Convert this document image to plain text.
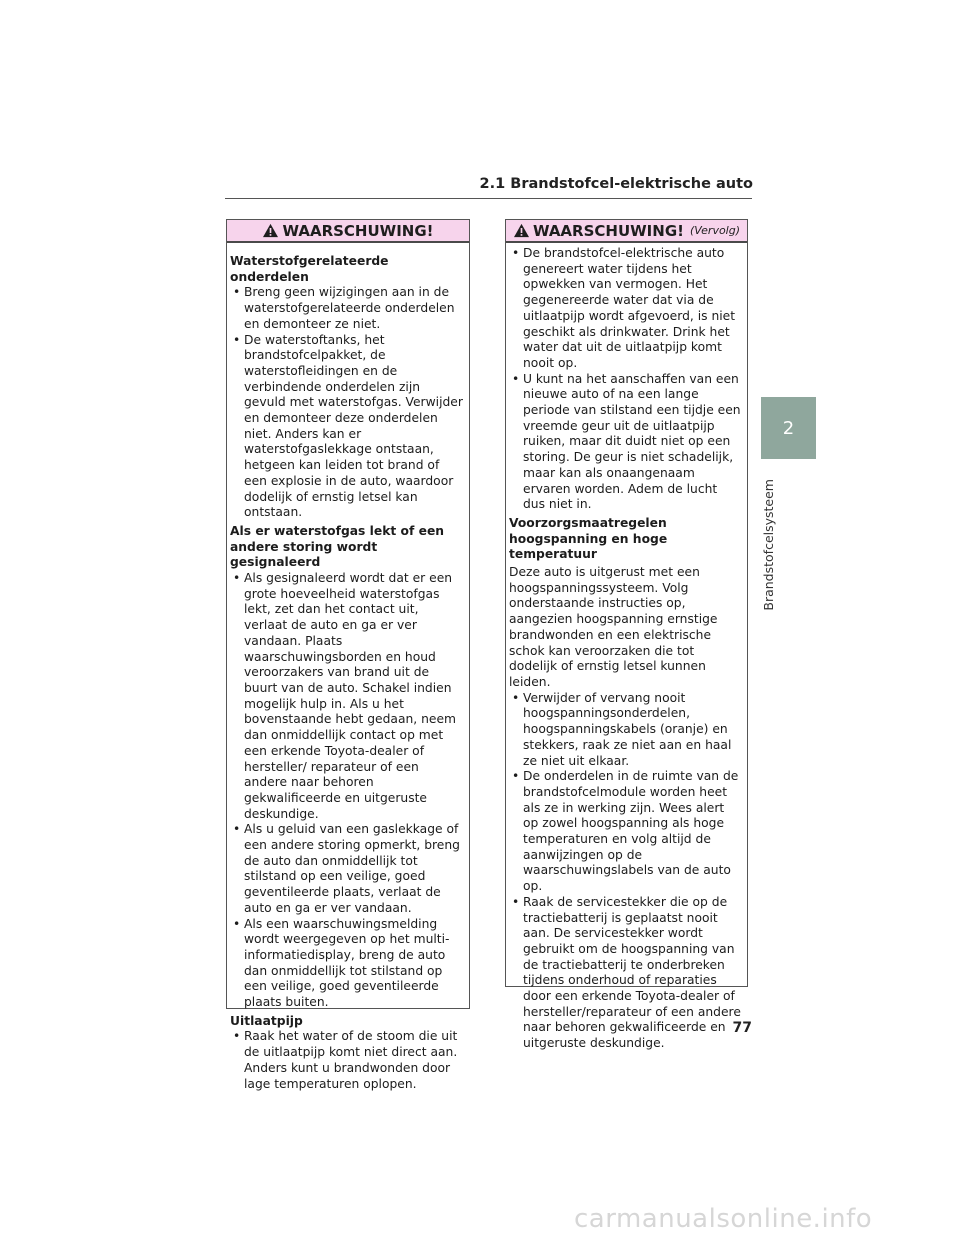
2.1 Brandstofcel-elektrische auto
WAARSCHUWING!
Waterstofgerelateerde onderdelen
• Breng geen wijzigingen aan in de waterstofgerelateerde onderdelen en demonteer ze niet.
• De waterstoftanks, het brandstofcelpakket, de waterstofleidingen en de verbindende onderdelen zijn gevuld met waterstofgas. Verwijder en demonteer deze onderdelen niet. Anders kan er waterstofgaslekkage ontstaan, hetgeen kan leiden tot brand of een explosie in de auto, waardoor dodelijk of ernstig letsel kan ontstaan.
Als er waterstofgas lekt of een andere storing wordt gesignaleerd
• Als gesignaleerd wordt dat er een grote hoeveelheid waterstofgas lekt, zet dan het contact uit, verlaat de auto en ga er ver vandaan. Plaats waarschuwingsborden en houd veroorzakers van brand uit de buurt van de auto. Schakel indien mogelijk hulp in. Als u het bovenstaande hebt gedaan, neem dan onmiddellijk contact op met een erkende Toyota-dealer of hersteller/ reparateur of een andere naar behoren gekwalificeerde en uitgeruste deskundige.
• Als u geluid van een gaslekkage of een andere storing opmerkt, breng de auto dan onmiddellijk tot stilstand op een veilige, goed geventileerde plaats, verlaat de auto en ga er ver vandaan.
• Als een waarschuwingsmelding wordt weergegeven op het multi-informatiedisplay, breng de auto dan onmiddellijk tot stilstand op een veilige, goed geventileerde plaats buiten.
Uitlaatpijp
• Raak het water of de stoom die uit de uitlaatpijp komt niet direct aan. Anders kunt u brandwonden door lage temperaturen oplopen.
WAARSCHUWING! (Vervolg)
• De brandstofcel-elektrische auto genereert water tijdens het opwekken van vermogen. Het gegenereerde water dat via de uitlaatpijp wordt afgevoerd, is niet geschikt als drinkwater. Drink het water dat uit de uitlaatpijp komt nooit op.
• U kunt na het aanschaffen van een nieuwe auto of na een lange periode van stilstand een tijdje een vreemde geur uit de uitlaatpijp ruiken, maar dit duidt niet op een storing. De geur is niet schadelijk, maar kan als onaangenaam ervaren worden. Adem de lucht dus niet in.
Voorzorgsmaatregelen hoogspanning en hoge temperatuur

Deze auto is uitgerust met een hoogspanningssysteem. Volg onderstaande instructies op, aangezien hoogspanning ernstige brandwonden en een elektrische schok kan veroorzaken die tot dodelijk of ernstig letsel kunnen leiden.

• Verwijder of vervang nooit hoogspanningsonderdelen, hoogspanningskabels (oranje) en stekkers, raak ze niet aan en haal ze niet uit elkaar.
• De onderdelen in de ruimte van de brandstofcelmodule worden heet als ze in werking zijn. Wees alert op zowel hoogspanning als hoge temperaturen en volg altijd de aanwijzingen op de waarschuwingslabels van de auto op.
• Raak de servicestekker die op de tractiebatterij is geplaatst nooit aan. De servicestekker wordt gebruikt om de hoogspanning van de tractiebatterij te onderbreken tijdens onderhoud of reparaties door een erkende Toyota-dealer of hersteller/reparateur of een andere naar behoren gekwalificeerde en uitgeruste deskundige.
2
Brandstofcelsysteem
77
carmanualsonline.info
